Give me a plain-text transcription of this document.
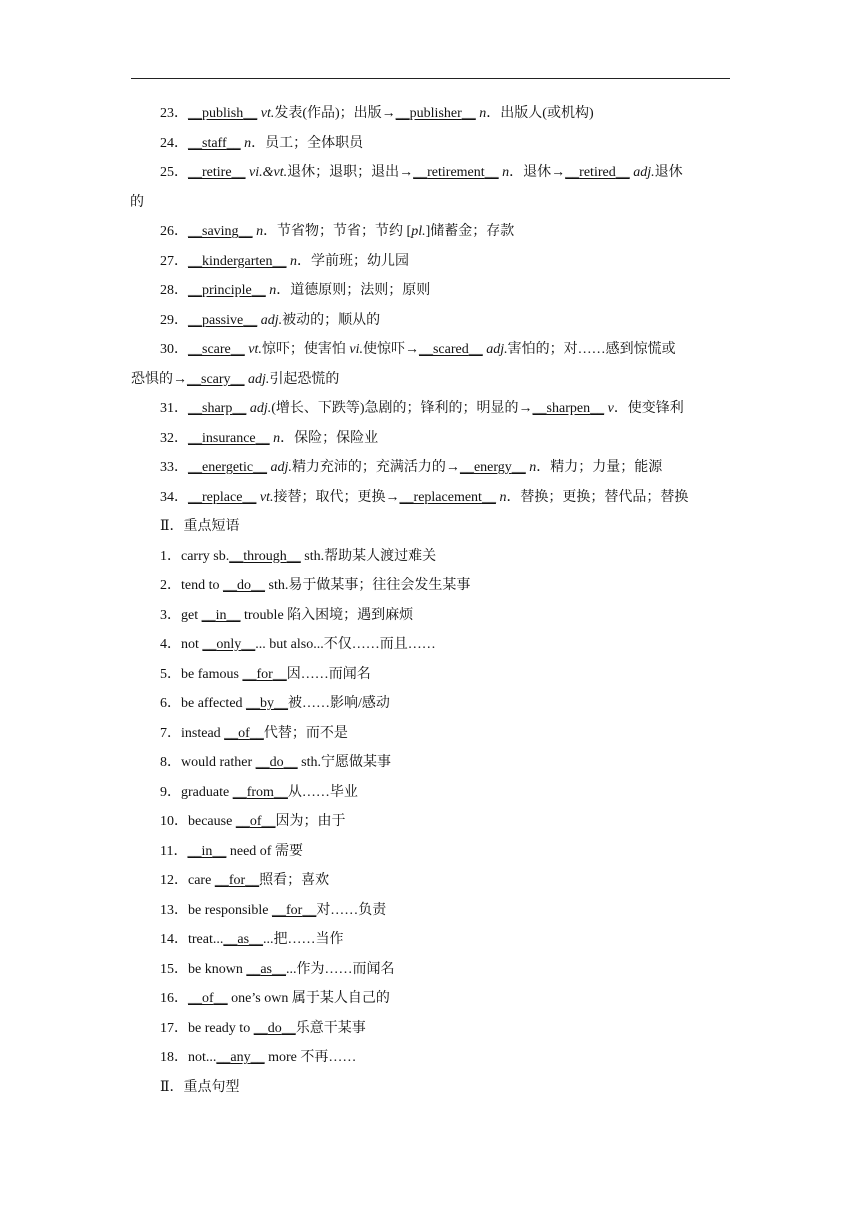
23．__publish__ vt.发表(作品)；出版→__publisher__ n．出版人(或机构)
24．__staff__ n．员工；全体职员
25．__retire__ vi.&vt.退休；退职；退出→__retirement__ n．退休→__retired__ adj.退休
的
26．__saving__ n．节省物；节省；节约 [pl.]储蓄金；存款
27．__kindergarten__ n．学前班；幼儿园
28．__principle__ n．道德原则；法则；原则
29．__passive__ adj.被动的；顺从的
30．__scare__ vt.惊吓；使害怕 vi.使惊吓→__scared__ adj.害怕的；对……感到惊慌或
恐惧的→__scary__ adj.引起恐慌的
31．__sharp__ adj.(增长、下跌等)急剧的；锋利的；明显的→__sharpen__ v．使变锋利
32．__insurance__ n．保险；保险业
33．__energetic__ adj.精力充沛的；充满活力的→__energy__ n．精力；力量；能源
34．__replace__ vt.接替；取代；更换→__replacement__ n．替换；更换；替代品；替换
Ⅱ．重点短语
1．carry sb.__through__ sth.帮助某人渡过难关
2．tend to __do__ sth.易于做某事；往往会发生某事
3．get __in__ trouble 陷入困境；遇到麻烦
4．not __only__... but also...不仅……而且……
5．be famous __for__因……而闻名
6．be affected __by__被……影响/感动
7．instead __of__代替；而不是
8．would rather __do__ sth.宁愿做某事
9．graduate __from__从……毕业
10．because __of__因为；由于
11．__in__ need of 需要
12．care __for__照看；喜欢
13．be responsible __for__对……负责
14．treat...__as__...把……当作
15．be known __as__...作为……而闻名
16．__of__ one’s own 属于某人自己的
17．be ready to __do__乐意干某事
18．not...__any__ more 不再……
Ⅱ．重点句型
